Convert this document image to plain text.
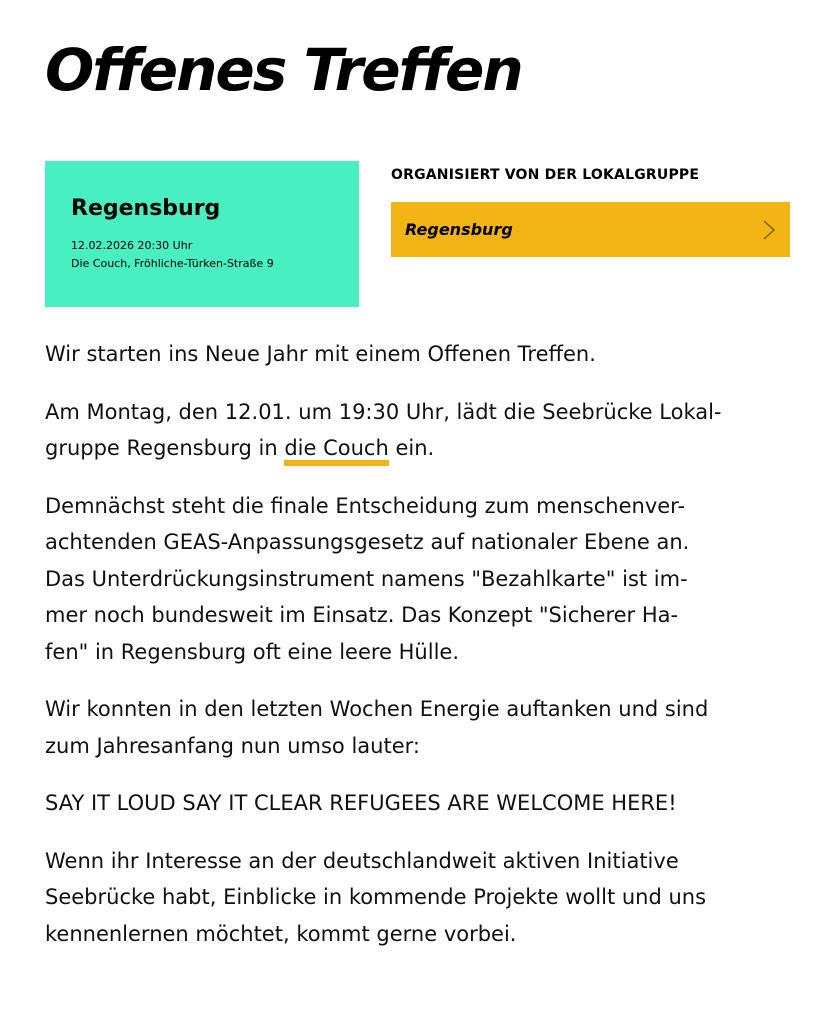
Offenes Treffen
Regensburg
12.02.2026 20:30 Uhr
Die Couch, Fröhliche-Türken-Straße 9
ORGANISIERT VON DER LOKALGRUPPE
Regensburg

Wir starten ins Neue Jahr mit einem Offenen Treffen.

Am Montag, den 12.01. um 19:30 Uhr, lädt die Seebrücke Lokal-
gruppe Regensburg in die Couch ein.

Demnächst steht die finale Entscheidung zum menschenver-
achtenden GEAS-Anpassungsgesetz auf nationaler Ebene an.
Das Unterdrückungsinstrument namens "Bezahlkarte" ist im-
mer noch bundesweit im Einsatz. Das Konzept "Sicherer Ha-
fen" in Regensburg oft eine leere Hülle.

Wir konnten in den letzten Wochen Energie auftanken und sind
zum Jahresanfang nun umso lauter:

SAY IT LOUD SAY IT CLEAR REFUGEES ARE WELCOME HERE!

Wenn ihr Interesse an der deutschlandweit aktiven Initiative
Seebrücke habt, Einblicke in kommende Projekte wollt und uns
kennenlernen möchtet, kommt gerne vorbei.
